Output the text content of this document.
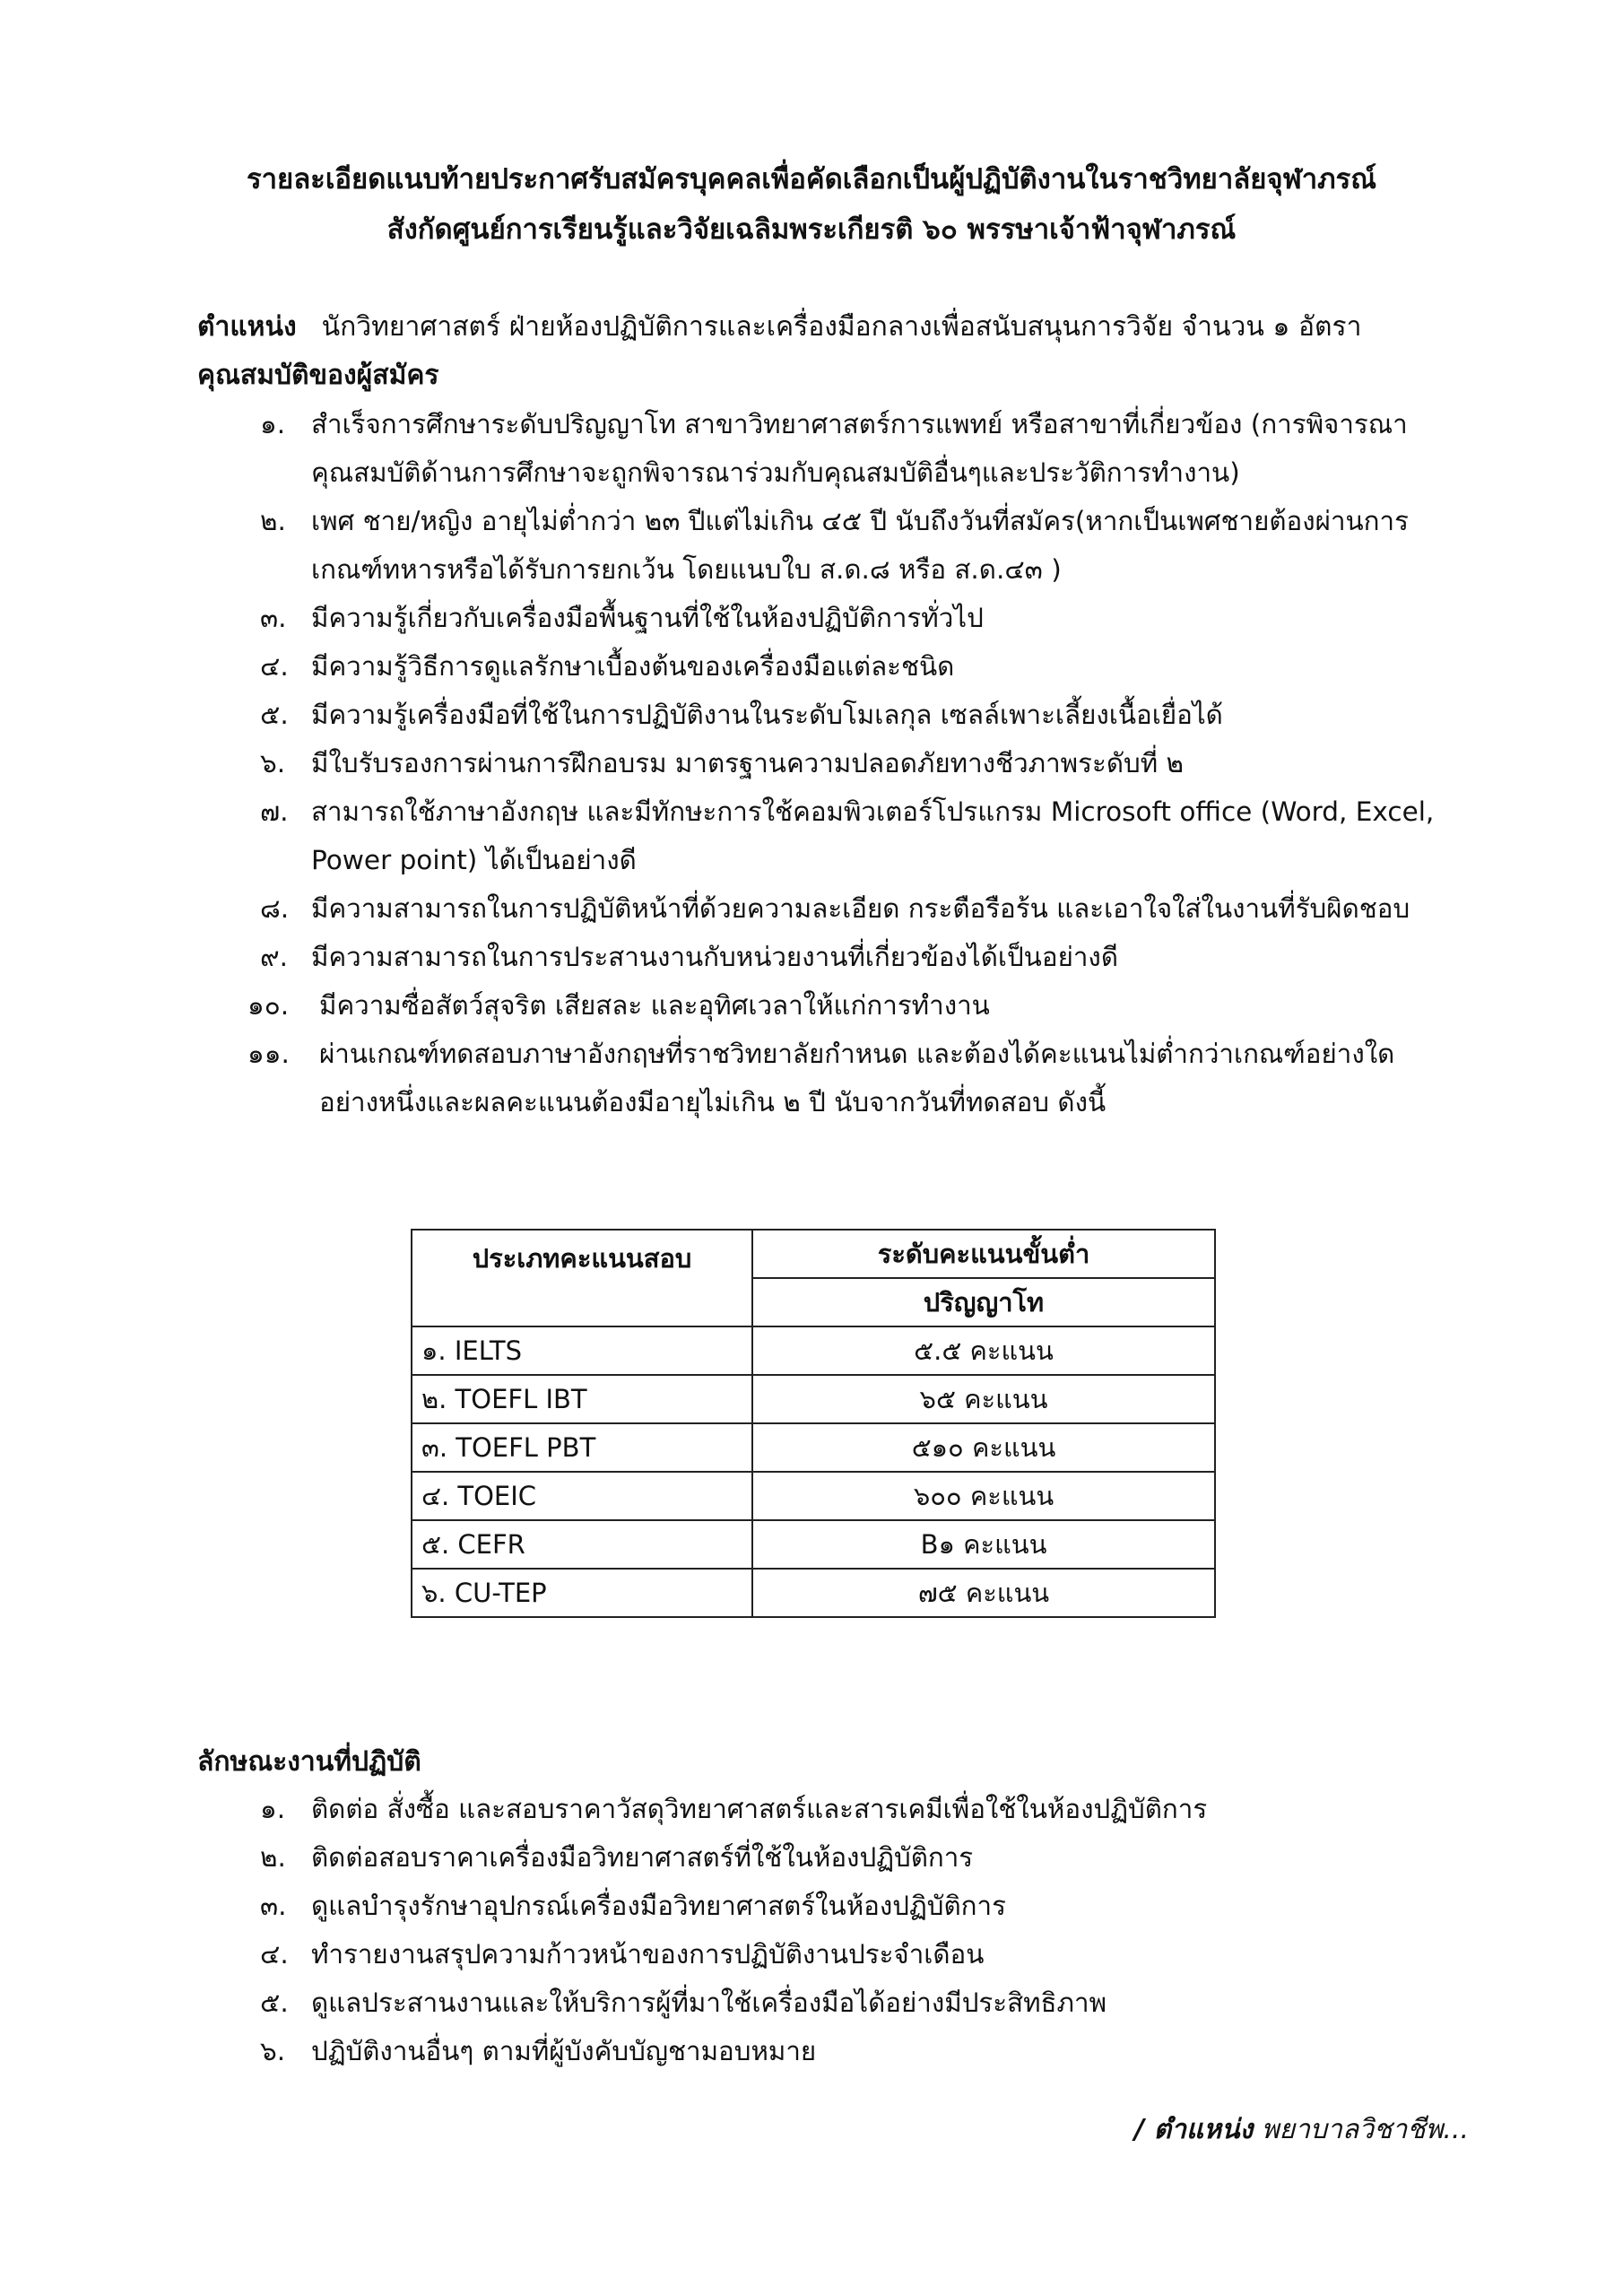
รายละเอียดแนบท้ายประกาศรับสมัครบุคคลเพื่อคัดเลือกเป็นผู้ปฏิบัติงานในราชวิทยาลัยจุฬาภรณ์
สังกัดศูนย์การเรียนรู้และวิจัยเฉลิมพระเกียรติ ๖๐ พรรษาเจ้าฟ้าจุฬาภรณ์
ตำแหน่ง นักวิทยาศาสตร์ ฝ่ายห้องปฏิบัติการและเครื่องมือกลางเพื่อสนับสนุนการวิจัย จำนวน ๑ อัตรา
คุณสมบัติของผู้สมัคร
๑. สำเร็จการศึกษาระดับปริญญาโท สาขาวิทยาศาสตร์การแพทย์ หรือสาขาที่เกี่ยวข้อง (การพิจารณาคุณสมบัติด้านการศึกษาจะถูกพิจารณาร่วมกับคุณสมบัติอื่นๆและประวัติการทำงาน)
๒. เพศ ชาย/หญิง อายุไม่ต่ำกว่า ๒๓ ปีแต่ไม่เกิน ๔๕ ปี นับถึงวันที่สมัคร(หากเป็นเพศชายต้องผ่านการเกณฑ์ทหารหรือได้รับการยกเว้น โดยแนบใบ ส.ด.๘ หรือ ส.ด.๔๓ )
๓. มีความรู้เกี่ยวกับเครื่องมือพื้นฐานที่ใช้ในห้องปฏิบัติการทั่วไป
๔. มีความรู้วิธีการดูแลรักษาเบื้องต้นของเครื่องมือแต่ละชนิด
๕. มีความรู้เครื่องมือที่ใช้ในการปฏิบัติงานในระดับโมเลกุล เซลล์เพาะเลี้ยงเนื้อเยื่อได้
๖. มีใบรับรองการผ่านการฝึกอบรม มาตรฐานความปลอดภัยทางชีวภาพระดับที่ ๒
๗. สามารถใช้ภาษาอังกฤษ และมีทักษะการใช้คอมพิวเตอร์โปรแกรม Microsoft office (Word, Excel, Power point) ได้เป็นอย่างดี
๘. มีความสามารถในการปฏิบัติหน้าที่ด้วยความละเอียด กระตือรือร้น และเอาใจใส่ในงานที่รับผิดชอบ
๙. มีความสามารถในการประสานงานกับหน่วยงานที่เกี่ยวข้องได้เป็นอย่างดี
๑๐. มีความซื่อสัตว์สุจริต เสียสละ และอุทิศเวลาให้แก่การทำงาน
๑๑. ผ่านเกณฑ์ทดสอบภาษาอังกฤษที่ราชวิทยาลัยกำหนด และต้องได้คะแนนไม่ต่ำกว่าเกณฑ์อย่างใดอย่างหนึ่งและผลคะแนนต้องมีอายุไม่เกิน ๒ ปี นับจากวันที่ทดสอบ ดังนี้
ประเภทคะแนนสอบ	ระดับคะแนนขั้นต่ำ
	ปริญญาโท
๑. IELTS	๕.๕ คะแนน
๒. TOEFL IBT	๖๕ คะแนน
๓. TOEFL PBT	๕๑๐ คะแนน
๔. TOEIC	๖๐๐ คะแนน
๕. CEFR	B๑ คะแนน
๖. CU-TEP	๗๕ คะแนน
ลักษณะงานที่ปฏิบัติ
๑. ติดต่อ สั่งซื้อ และสอบราคาวัสดุวิทยาศาสตร์และสารเคมีเพื่อใช้ในห้องปฏิบัติการ
๒. ติดต่อสอบราคาเครื่องมือวิทยาศาสตร์ที่ใช้ในห้องปฏิบัติการ
๓. ดูแลบำรุงรักษาอุปกรณ์เครื่องมือวิทยาศาสตร์ในห้องปฏิบัติการ
๔. ทำรายงานสรุปความก้าวหน้าของการปฏิบัติงานประจำเดือน
๕. ดูแลประสานงานและให้บริการผู้ที่มาใช้เครื่องมือได้อย่างมีประสิทธิภาพ
๖. ปฏิบัติงานอื่นๆ ตามที่ผู้บังคับบัญชามอบหมาย
/ ตำแหน่ง พยาบาลวิชาชีพ...
